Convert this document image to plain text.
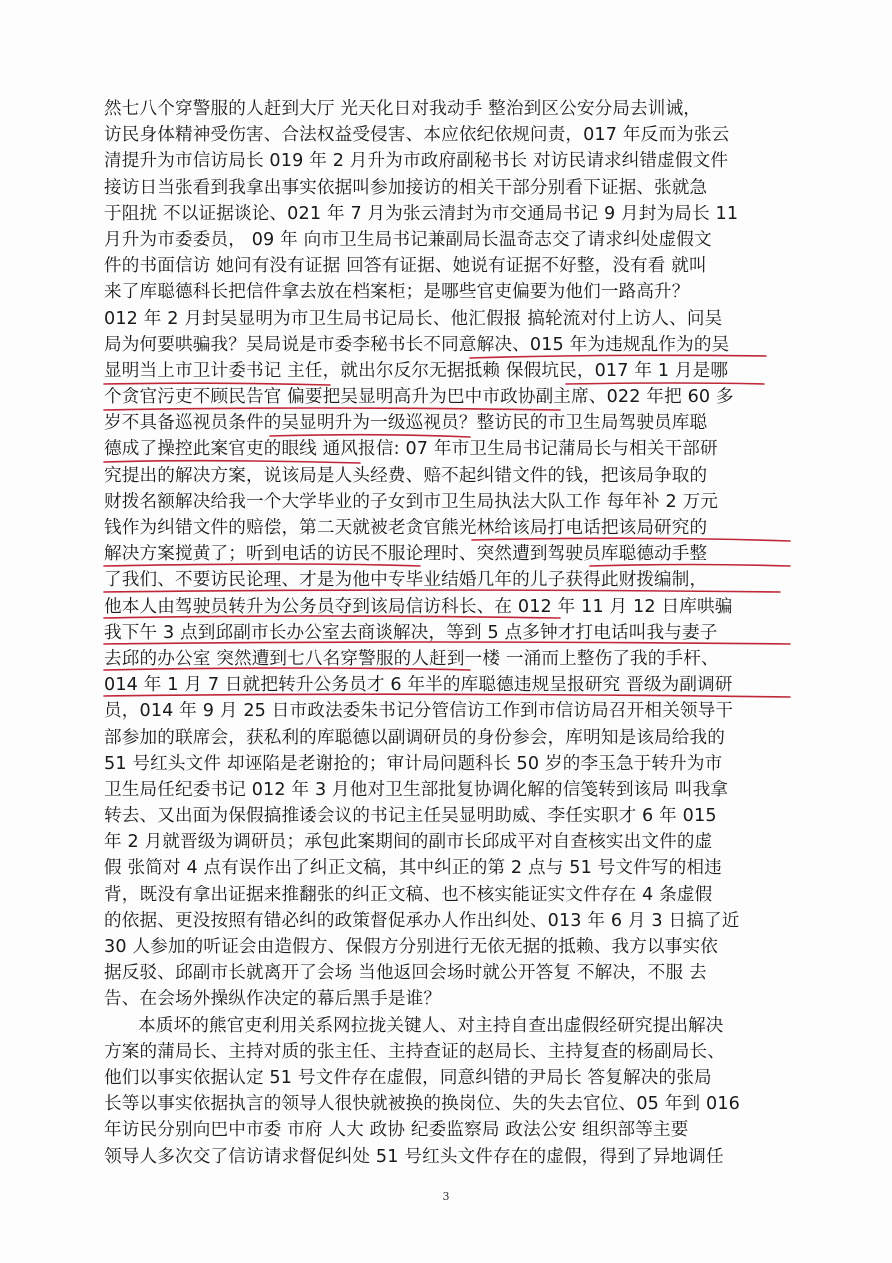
然七八个穿警服的人赶到大厅 光天化日对我动手 整治到区公安分局去训诫，
访民身体精神受伤害、合法权益受侵害、本应依纪依规问责，017 年反而为张云
清提升为市信访局长 019 年 2 月升为市政府副秘书长 对访民请求纠错虚假文件
接访日当张看到我拿出事实依据叫参加接访的相关干部分别看下证据、张就急
于阻扰 不以证据谈论、021 年 7 月为张云清封为市交通局书记 9 月封为局长 11
月升为市委委员， 09 年 向市卫生局书记兼副局长温奇志交了请求纠处虚假文
件的书面信访 她问有没有证据 回答有证据、她说有证据不好整，没有看 就叫
来了库聪德科长把信件拿去放在档案柜；是哪些官吏偏要为他们一路高升？
012 年 2 月封吴显明为市卫生局书记局长、他汇假报 搞轮流对付上访人、问吴
局为何要哄骗我？吴局说是市委李秘书长不同意解决、015 年为违规乱作为的吴
显明当上市卫计委书记 主任，就出尔反尔无据抵赖 保假坑民，017 年 1 月是哪
个贪官污吏不顾民告官 偏要把吴显明高升为巴中市政协副主席、022 年把 60 多
岁不具备巡视员条件的吴显明升为一级巡视员？整访民的市卫生局驾驶员库聪
德成了操控此案官吏的眼线 通风报信: 07 年市卫生局书记蒲局长与相关干部研
究提出的解决方案，说该局是人头经费、赔不起纠错文件的钱，把该局争取的
财拨名额解决给我一个大学毕业的子女到市卫生局执法大队工作 每年补 2 万元
钱作为纠错文件的赔偿，第二天就被老贪官熊光林给该局打电话把该局研究的
解决方案搅黄了；听到电话的访民不服论理时、突然遭到驾驶员库聪德动手整
了我们、不要访民论理、才是为他中专毕业结婚几年的儿子获得此财拨编制，
他本人由驾驶员转升为公务员夺到该局信访科长、在 012 年 11 月 12 日库哄骗
我下午 3 点到邱副市长办公室去商谈解决，等到 5 点多钟才打电话叫我与妻子
去邱的办公室 突然遭到七八名穿警服的人赶到一楼 一涌而上整伤了我的手杆、
014 年 1 月 7 日就把转升公务员才 6 年半的库聪德违规呈报研究 晋级为副调研
员，014 年 9 月 25 日市政法委朱书记分管信访工作到市信访局召开相关领导干
部参加的联席会，获私利的库聪德以副调研员的身份参会，库明知是该局给我的
51 号红头文件 却诬陷是老谢抢的；审计局问题科长 50 岁的李玉急于转升为市
卫生局任纪委书记 012 年 3 月他对卫生部批复协调化解的信笺转到该局 叫我拿
转去、又出面为保假搞推诿会议的书记主任吴显明助威、李任实职才 6 年 015
年 2 月就晋级为调研员；承包此案期间的副市长邱成平对自查核实出文件的虚
假 张简对 4 点有误作出了纠正文稿，其中纠正的第 2 点与 51 号文件写的相违
背，既没有拿出证据来推翻张的纠正文稿、也不核实能证实文件存在 4 条虚假
的依据、更没按照有错必纠的政策督促承办人作出纠处、013 年 6 月 3 日搞了近
30 人参加的听证会由造假方、保假方分别进行无依无据的抵赖、我方以事实依
据反驳、邱副市长就离开了会场 当他返回会场时就公开答复 不解决，不服 去
告、在会场外操纵作决定的幕后黑手是谁？
本质坏的熊官吏利用关系网拉拢关键人、对主持自查出虚假经研究提出解决
方案的蒲局长、主持对质的张主任、主持查证的赵局长、主持复查的杨副局长、
他们以事实依据认定 51 号文件存在虚假，同意纠错的尹局长 答复解决的张局
长等以事实依据执言的领导人很快就被换的换岗位、失的失去官位、05 年到 016
年访民分别向巴中市委 市府 人大 政协 纪委监察局 政法公安 组织部等主要
领导人多次交了信访请求督促纠处 51 号红头文件存在的虚假，得到了异地调任
3
